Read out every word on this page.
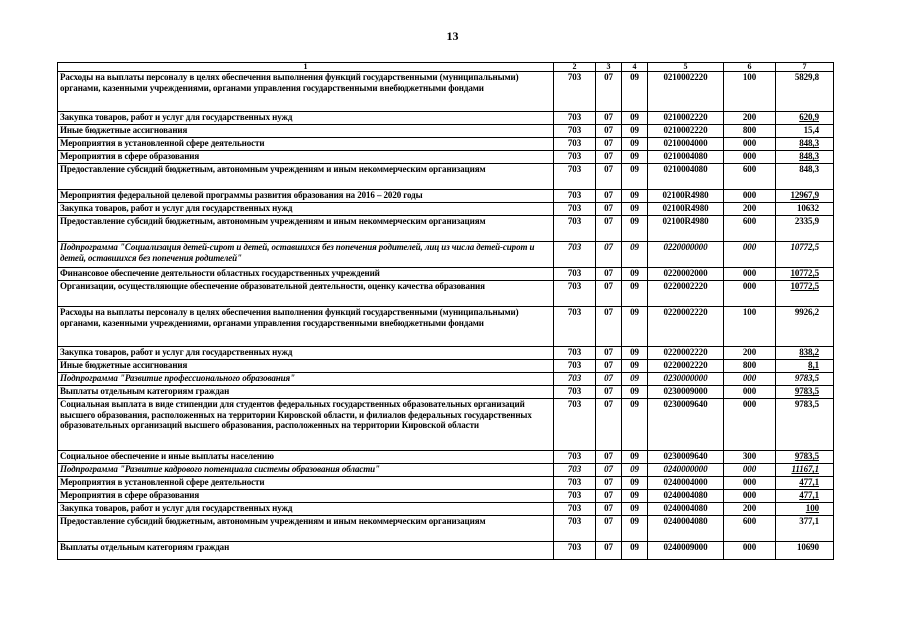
13
1	2	3	4	5	6	7
Расходы на выплаты персоналу в целях обеспечения выполнения функций государственными (муниципальными) органами, казенными учреждениями, органами управления государственными внебюджетными фондами	703	07	09	0210002220	100	5829,8
Закупка товаров, работ и услуг для государственных нужд	703	07	09	0210002220	200	620,9
Иные бюджетные ассигнования	703	07	09	0210002220	800	15,4
Мероприятия в установленной сфере деятельности	703	07	09	0210004000	000	848,3
Мероприятия в сфере образования	703	07	09	0210004080	000	848,3
Предоставление субсидий бюджетным, автономным учреждениям и иным некоммерческим организациям	703	07	09	0210004080	600	848,3
Мероприятия федеральной целевой программы развития образования на 2016 – 2020 годы	703	07	09	02100R4980	000	12967,9
Закупка товаров, работ и услуг для государственных нужд	703	07	09	02100R4980	200	10632
Предоставление субсидий бюджетным, автономным учреждениям и иным некоммерческим организациям	703	07	09	02100R4980	600	2335,9
Подпрограмма "Социализация детей-сирот и детей, оставшихся без попечения родителей, лиц из числа детей-сирот и детей, оставшихся без попечения родителей"	703	07	09	0220000000	000	10772,5
Финансовое обеспечение деятельности областных государственных учреждений	703	07	09	0220002000	000	10772,5
Организации, осуществляющие обеспечение образовательной деятельности, оценку качества образования	703	07	09	0220002220	000	10772,5
Расходы на выплаты персоналу в целях обеспечения выполнения функций государственными (муниципальными) органами, казенными учреждениями, органами управления государственными внебюджетными фондами	703	07	09	0220002220	100	9926,2
Закупка товаров, работ и услуг для государственных нужд	703	07	09	0220002220	200	838,2
Иные бюджетные ассигнования	703	07	09	0220002220	800	8,1
Подпрограмма "Развитие профессионального образования"	703	07	09	0230000000	000	9783,5
Выплаты отдельным категориям граждан	703	07	09	0230009000	000	9783,5
Социальная выплата в виде стипендии для студентов федеральных государственных образовательных организаций высшего образования, расположенных на территории Кировской области, и филиалов федеральных государственных образовательных организаций высшего образования, расположенных на территории Кировской области	703	07	09	0230009640	000	9783,5
Социальное обеспечение и иные выплаты населению	703	07	09	0230009640	300	9783,5
Подпрограмма "Развитие кадрового потенциала системы образования области"	703	07	09	0240000000	000	11167,1
Мероприятия в установленной сфере деятельности	703	07	09	0240004000	000	477,1
Мероприятия в сфере образования	703	07	09	0240004080	000	477,1
Закупка товаров, работ и услуг для государственных нужд	703	07	09	0240004080	200	100
Предоставление субсидий бюджетным, автономным учреждениям и иным некоммерческим организациям	703	07	09	0240004080	600	377,1
Выплаты отдельным категориям граждан	703	07	09	0240009000	000	10690
